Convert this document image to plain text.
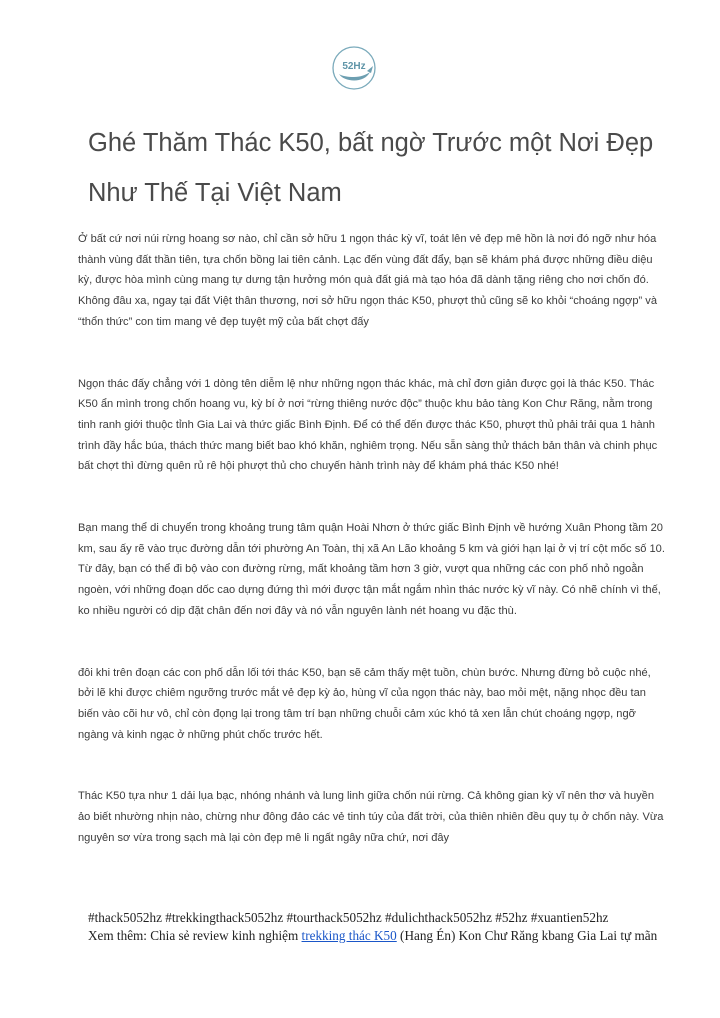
52Hz
Ghé Thăm Thác K50, bất ngờ Trước một Nơi Đẹp Như Thế Tại Việt Nam

Ở bất cứ nơi núi rừng hoang sơ nào, chỉ cần sở hữu 1 ngọn thác kỳ vĩ, toát lên vẻ đẹp mê hồn là nơi đó ngỡ như hóa thành vùng đất thần tiên, tựa chốn bồng lai tiên cảnh. Lạc đến vùng đất đẩy, bạn sẽ khám phá được những điều diệu kỳ, được hòa mình cùng mang tự dưng tận hưởng món quà đất giá mà tạo hóa đã dành tặng riêng cho nơi chốn đó. Không đâu xa, ngay tại đất Việt thân thương, nơi sở hữu ngọn thác K50, phượt thủ cũng sẽ ko khỏi “choáng ngợp” và “thổn thức” con tim mang vẻ đẹp tuyệt mỹ của bất chợt đấy

Ngọn thác đấy chẳng với 1 dòng tên diễm lệ như những ngọn thác khác, mà chỉ đơn giản được gọi là thác K50. Thác K50 ẩn mình trong chốn hoang vu, kỳ bí ở nơi “rừng thiêng nước độc” thuộc khu bảo tàng Kon Chư Răng, nằm trong tinh ranh giới thuộc tỉnh Gia Lai và thức giấc Bình Định. Để có thể đến được thác K50, phượt thủ phải trải qua 1 hành trình đầy hắc búa, thách thức mang biết bao khó khăn, nghiêm trọng. Nếu sẵn sàng thử thách bản thân và chinh phục bất chợt thì đừng quên rủ rê hội phượt thủ cho chuyến hành trình này để khám phá thác K50 nhé!

Bạn mang thể di chuyển trong khoảng trung tâm quận Hoài Nhơn ở thức giấc Bình Định về hướng Xuân Phong tầm 20 km, sau ấy rẽ vào trục đường dẫn tới phường An Toàn, thị xã An Lão khoảng 5 km và giới hạn lại ở vị trí cột mốc số 10. Từ đây, bạn có thể đi bộ vào con đường rừng, mất khoảng tầm hơn 3 giờ, vượt qua những các con phố nhỏ ngoằn ngoèn, với những đoạn dốc cao dựng đứng thì mới được tận mắt ngắm nhìn thác nước kỳ vĩ này. Có nhẽ chính vì thế, ko nhiều người có dịp đặt chân đến nơi đây và nó vẫn nguyên lành nét hoang vu đặc thù.

đôi khi trên đoạn các con phố dẫn lối tới thác K50, bạn sẽ cảm thấy mệt tuồn, chùn bước. Nhưng đừng bỏ cuộc nhé, bởi lẽ khi được chiêm ngưỡng trước mắt vẻ đẹp kỳ ảo, hùng vĩ của ngọn thác này, bao mỏi mệt, nặng nhọc đều tan biến vào cõi hư vô, chỉ còn đọng lại trong tâm trí bạn những chuỗi cảm xúc khó tả xen lẫn chút choáng ngợp, ngỡ ngàng và kinh ngạc ở những phút chốc trước hết.

Thác K50 tựa như 1 dải lụa bạc, nhóng nhánh và lung linh giữa chốn núi rừng. Cả không gian kỳ vĩ nên thơ và huyền ảo biết nhường nhịn nào, chừng như đông đảo các vẻ tinh túy của đất trời, của thiên nhiên đều quy tụ ở chốn này. Vừa nguyên sơ vừa trong sạch mà lại còn đẹp mê li ngất ngây nữa chứ, nơi đây

#thack5052hz #trekkingthack5052hz #tourthack5052hz #dulichthack5052hz #52hz #xuantien52hz
Xem thêm: Chia sẻ review kinh nghiệm trekking thác K50 (Hang Én) Kon Chư Răng kbang Gia Lai tự mãn
